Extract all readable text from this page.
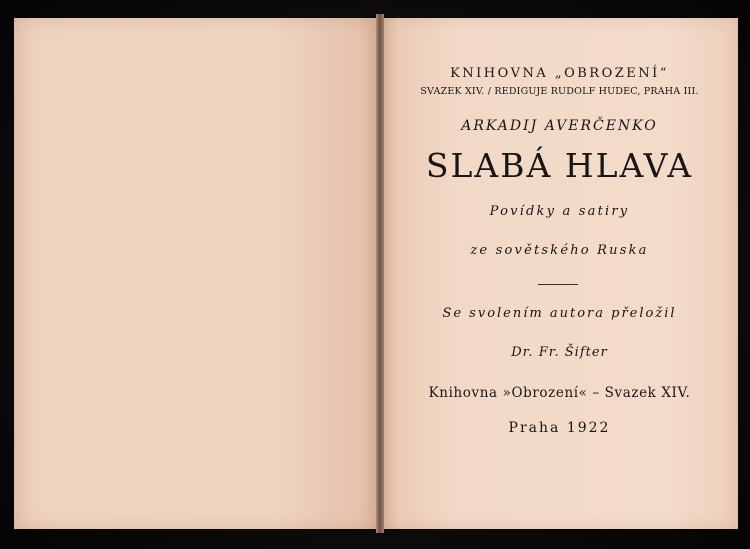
KNIHOVNA „OBROZENÍ“
SVAZEK XIV. / REDIGUJE RUDOLF HUDEC, PRAHA III.
ARKADIJ AVERČENKO
SLABÁ HLAVA
Povídky a satiry
ze sovětského Ruska
Se svolením autora přeložil
Dr. Fr. Šifter
Knihovna »Obrození« – Svazek XIV.
Praha 1922
